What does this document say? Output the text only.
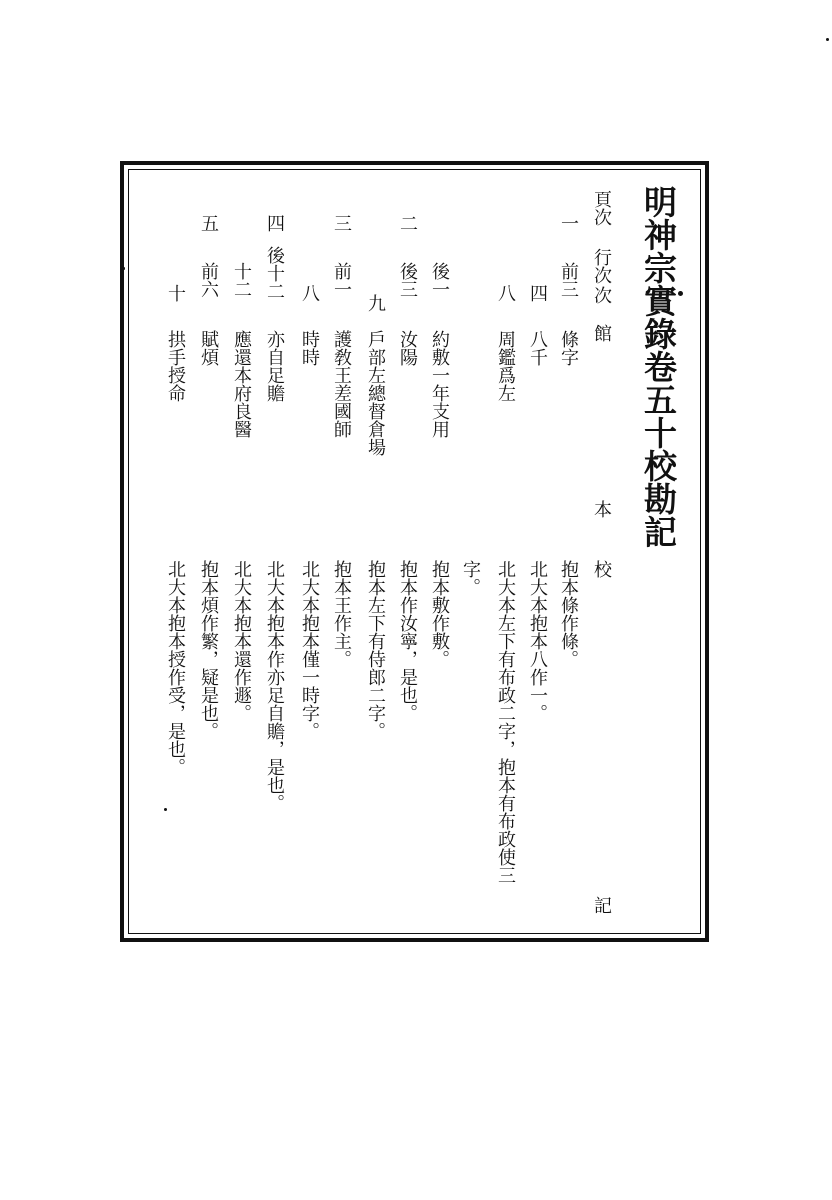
明神宗實錄卷五十校勘記
頁次
行次
次
館
本
校
記
一
前三
條字
抱本條作條。
四
八千
北大本抱本八作一。
八
周鑑爲左
北大本左下有布政二字，抱本有布政使三
字。
二
後一
約敷一年支用
抱本敷作敷。
後三
汝陽
抱本作汝寧，是也。
九
戶部左總督倉場
抱本左下有侍郎二字。
三
前一
護敎王差國師
抱本王作主。
八
時時
北大本抱本僅一時字。
四
後十二
亦自足贍
北大本抱本作亦足自贍，是也。
十二
應還本府良醫
北大本抱本還作遯。
五
前六
賦煩
抱本煩作繁，疑是也。
十
拱手授命
北大本抱本授作受，是也。
